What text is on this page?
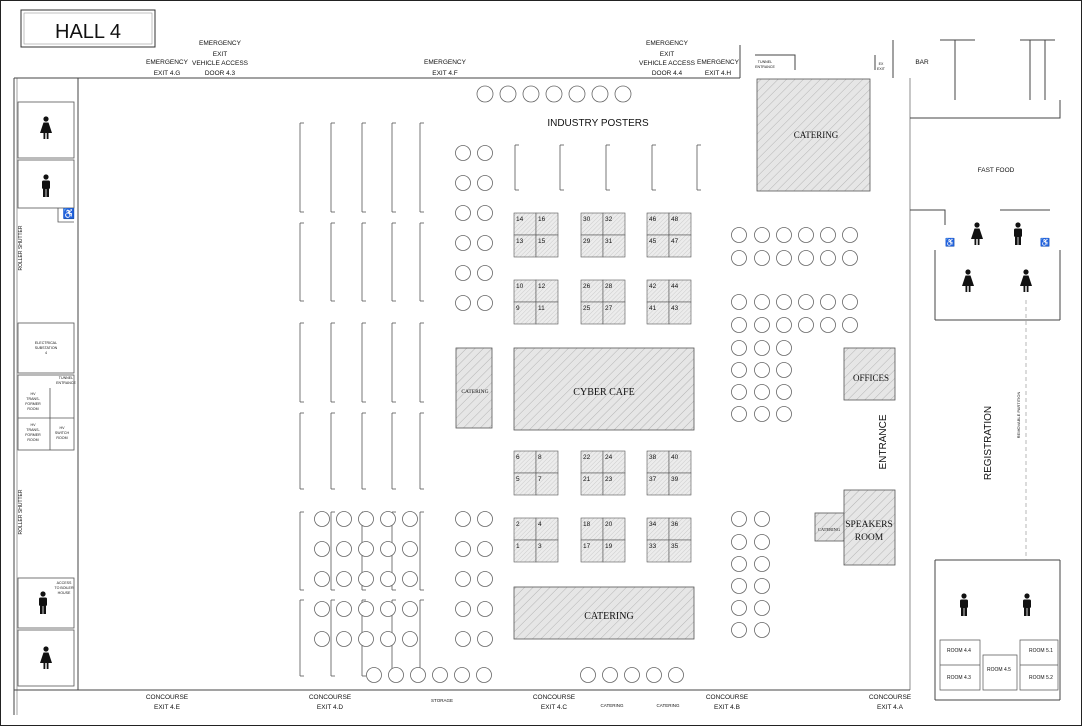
HALL 4
♿
ROLLER SHUTTER
ROLLER SHUTTER
ELECTRICAL
SUBSTATION
4
TUNNEL
ENTRANCE
HV
TRANS-
FORMER
ROOM
HV
TRANS-
FORMER
ROOM
HV
SWITCH
ROOM
ACCESS
TO BOILER
HOUSE
TUNNEL
ENTRANCE
EX
EXIT
EMERGENCY
EXIT 4.G
EMERGENCY
EXIT
VEHICLE ACCESS
DOOR 4.3
EMERGENCY
EXIT 4.F
EMERGENCY
EXIT
VEHICLE ACCESS
DOOR 4.4
EMERGENCY
EXIT 4.H
BAR
CONCOURSE
EXIT 4.E
CONCOURSE
EXIT 4.D
CONCOURSE
EXIT 4.C
CONCOURSE
EXIT 4.B
CONCOURSE
EXIT 4.A
STORAGE
CATERING	CATERING
INDUSTRY POSTERS
CATERING
CATERING	CYBER CAFE
OFFICES
CATERING SPEAKERS
ROOM
CATERING
14 16
13 15
30 32
29 31
46 48
45 47
10 12
9	11
26 28
25 27
42 44
41 43
6	8
5	7
22 24
21 23
38 40
37 39
2	4
1	3
18 20
17 19
34 36
33 35
ENTRANCE	REGISTRATION	REMOVABLE PARTITION
FAST FOOD
♿	♿
ROOM 4.4
ROOM 4.3
ROOM 4.5
ROOM 5.1
ROOM 5.2
